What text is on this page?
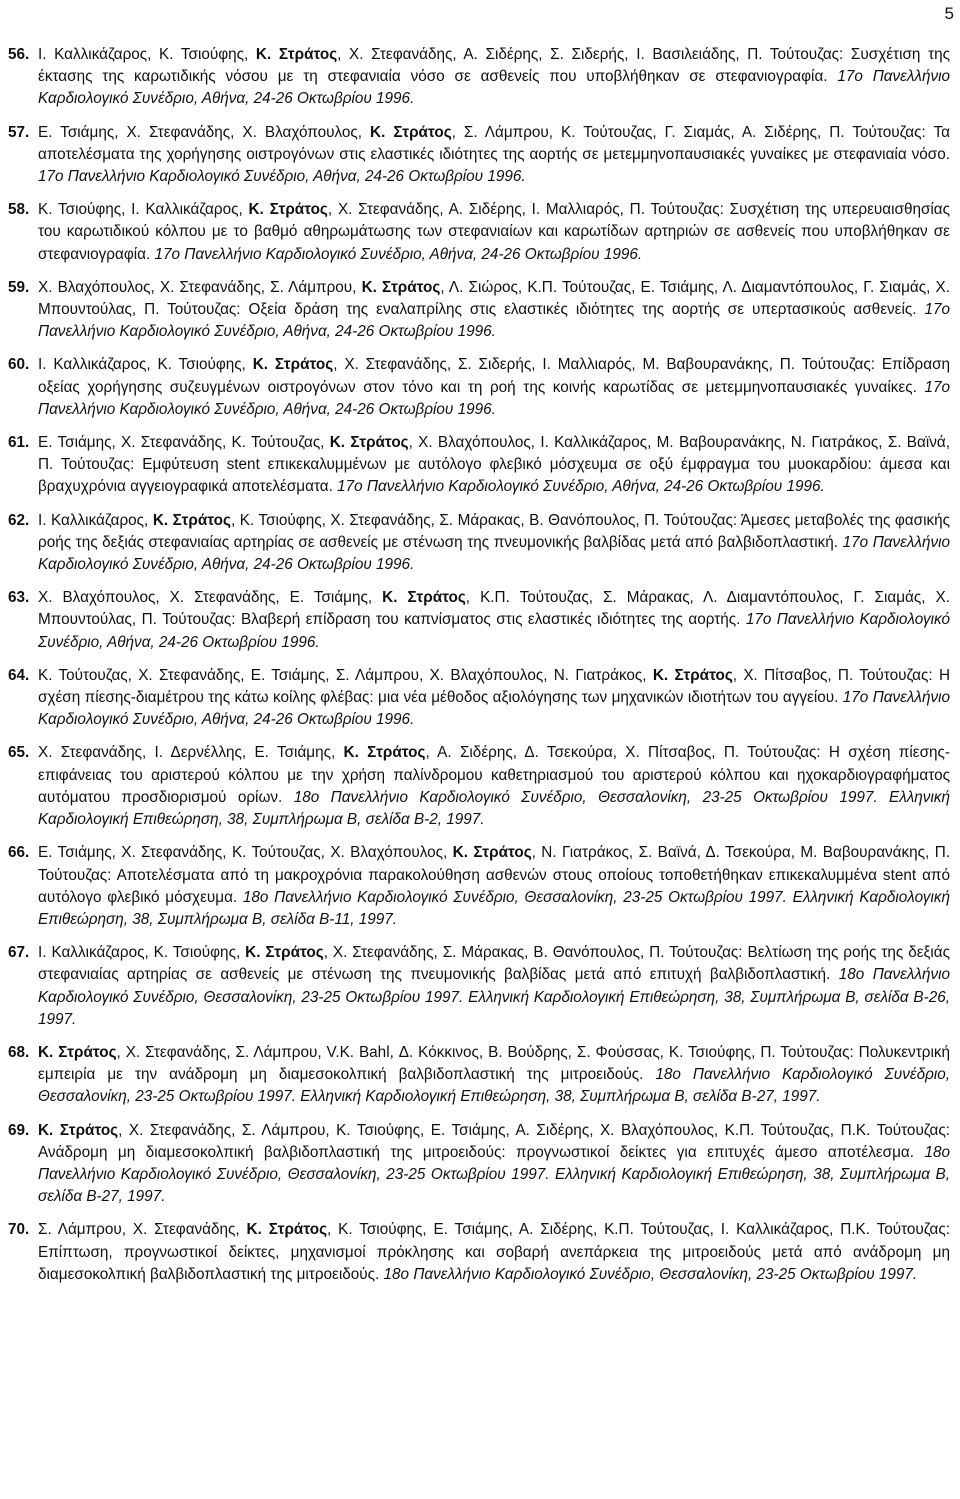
5
56. Ι. Καλλικάζαρος, Κ. Τσιούφης, Κ. Στράτος, Χ. Στεφανάδης, Α. Σιδέρης, Σ. Σιδερής, Ι. Βασιλειάδης, Π. Τούτουζας: Συσχέτιση της έκτασης της καρωτιδικής νόσου με τη στεφανιαία νόσο σε ασθενείς που υποβλήθηκαν σε στεφανιογραφία. 17ο Πανελλήνιο Καρδιολογικό Συνέδριο, Αθήνα, 24-26 Οκτωβρίου 1996.
57. Ε. Τσιάμης, Χ. Στεφανάδης, Χ. Βλαχόπουλος, Κ. Στράτος, Σ. Λάμπρου, Κ. Τούτουζας, Γ. Σιαμάς, Α. Σιδέρης, Π. Τούτουζας: Τα αποτελέσματα της χορήγησης οιστρογόνων στις ελαστικές ιδιότητες της αορτής σε μετεμμηνοπαυσιακές γυναίκες με στεφανιαία νόσο. 17ο Πανελλήνιο Καρδιολογικό Συνέδριο, Αθήνα, 24-26 Οκτωβρίου 1996.
58. Κ. Τσιούφης, Ι. Καλλικάζαρος, Κ. Στράτος, Χ. Στεφανάδης, Α. Σιδέρης, Ι. Μαλλιαρός, Π. Τούτουζας: Συσχέτιση της υπερευαισθησίας του καρωτιδικού κόλπου με το βαθμό αθηρωμάτωσης των στεφανιαίων και καρωτίδων αρτηριών σε ασθενείς που υποβλήθηκαν σε στεφανιογραφία. 17ο Πανελλήνιο Καρδιολογικό Συνέδριο, Αθήνα, 24-26 Οκτωβρίου 1996.
59. Χ. Βλαχόπουλος, Χ. Στεφανάδης, Σ. Λάμπρου, Κ. Στράτος, Λ. Σιώρος, Κ.Π. Τούτουζας, Ε. Τσιάμης, Λ. Διαμαντόπουλος, Γ. Σιαμάς, Χ. Μπουντούλας, Π. Τούτουζας: Οξεία δράση της εναλαπρίλης στις ελαστικές ιδιότητες της αορτής σε υπερτασικούς ασθενείς. 17ο Πανελλήνιο Καρδιολογικό Συνέδριο, Αθήνα, 24-26 Οκτωβρίου 1996.
60. Ι. Καλλικάζαρος, Κ. Τσιούφης, Κ. Στράτος, Χ. Στεφανάδης, Σ. Σιδερής, Ι. Μαλλιαρός, Μ. Βαβουρανάκης, Π. Τούτουζας: Επίδραση οξείας χορήγησης συζευγμένων οιστρογόνων στον τόνο και τη ροή της κοινής καρωτίδας σε μετεμμηνοπαυσιακές γυναίκες. 17ο Πανελλήνιο Καρδιολογικό Συνέδριο, Αθήνα, 24-26 Οκτωβρίου 1996.
61. Ε. Τσιάμης, Χ. Στεφανάδης, Κ. Τούτουζας, Κ. Στράτος, Χ. Βλαχόπουλος, Ι. Καλλικάζαρος, Μ. Βαβουρανάκης, Ν. Γιατράκος, Σ. Βαϊνά, Π. Τούτουζας: Εμφύτευση stent επικεκαλυμμένων με αυτόλογο φλεβικό μόσχευμα σε οξύ έμφραγμα του μυοκαρδίου: άμεσα και βραχυχρόνια αγγειογραφικά αποτελέσματα. 17ο Πανελλήνιο Καρδιολογικό Συνέδριο, Αθήνα, 24-26 Οκτωβρίου 1996.
62. Ι. Καλλικάζαρος, Κ. Στράτος, Κ. Τσιούφης, Χ. Στεφανάδης, Σ. Μάρακας, Β. Θανόπουλος, Π. Τούτουζας: Άμεσες μεταβολές της φασικής ροής της δεξιάς στεφανιαίας αρτηρίας σε ασθενείς με στένωση της πνευμονικής βαλβίδας μετά από βαλβιδοπλαστική. 17ο Πανελλήνιο Καρδιολογικό Συνέδριο, Αθήνα, 24-26 Οκτωβρίου 1996.
63. Χ. Βλαχόπουλος, Χ. Στεφανάδης, Ε. Τσιάμης, Κ. Στράτος, Κ.Π. Τούτουζας, Σ. Μάρακας, Λ. Διαμαντόπουλος, Γ. Σιαμάς, Χ. Μπουντούλας, Π. Τούτουζας: Βλαβερή επίδραση του καπνίσματος στις ελαστικές ιδιότητες της αορτής. 17ο Πανελλήνιο Καρδιολογικό Συνέδριο, Αθήνα, 24-26 Οκτωβρίου 1996.
64. Κ. Τούτουζας, Χ. Στεφανάδης, Ε. Τσιάμης, Σ. Λάμπρου, Χ. Βλαχόπουλος, Ν. Γιατράκος, Κ. Στράτος, Χ. Πίτσαβος, Π. Τούτουζας: Η σχέση πίεσης-διαμέτρου της κάτω κοίλης φλέβας: μια νέα μέθοδος αξιολόγησης των μηχανικών ιδιοτήτων του αγγείου. 17ο Πανελλήνιο Καρδιολογικό Συνέδριο, Αθήνα, 24-26 Οκτωβρίου 1996.
65. Χ. Στεφανάδης, Ι. Δερνέλλης, Ε. Τσιάμης, Κ. Στράτος, Α. Σιδέρης, Δ. Τσεκούρα, Χ. Πίτσαβος, Π. Τούτουζας: Η σχέση πίεσης-επιφάνειας του αριστερού κόλπου με την χρήση παλίνδρομου καθετηριασμού του αριστερού κόλπου και ηχοκαρδιογραφήματος αυτόματου προσδιορισμού ορίων. 18ο Πανελλήνιο Καρδιολογικό Συνέδριο, Θεσσαλονίκη, 23-25 Οκτωβρίου 1997. Ελληνική Καρδιολογική Επιθεώρηση, 38, Συμπλήρωμα Β, σελίδα Β-2, 1997.
66. Ε. Τσιάμης, Χ. Στεφανάδης, Κ. Τούτουζας, Χ. Βλαχόπουλος, Κ. Στράτος, Ν. Γιατράκος, Σ. Βαϊνά, Δ. Τσεκούρα, Μ. Βαβουρανάκης, Π. Τούτουζας: Αποτελέσματα από τη μακροχρόνια παρακολούθηση ασθενών στους οποίους τοποθετήθηκαν επικεκαλυμμένα stent από αυτόλογο φλεβικό μόσχευμα. 18ο Πανελλήνιο Καρδιολογικό Συνέδριο, Θεσσαλονίκη, 23-25 Οκτωβρίου 1997. Ελληνική Καρδιολογική Επιθεώρηση, 38, Συμπλήρωμα Β, σελίδα Β-11, 1997.
67. Ι. Καλλικάζαρος, Κ. Τσιούφης, Κ. Στράτος, Χ. Στεφανάδης, Σ. Μάρακας, Β. Θανόπουλος, Π. Τούτουζας: Βελτίωση της ροής της δεξιάς στεφανιαίας αρτηρίας σε ασθενείς με στένωση της πνευμονικής βαλβίδας μετά από επιτυχή βαλβιδοπλαστική. 18ο Πανελλήνιο Καρδιολογικό Συνέδριο, Θεσσαλονίκη, 23-25 Οκτωβρίου 1997. Ελληνική Καρδιολογική Επιθεώρηση, 38, Συμπλήρωμα Β, σελίδα Β-26, 1997.
68. Κ. Στράτος, Χ. Στεφανάδης, Σ. Λάμπρου, V.K. Bahl, Δ. Κόκκινος, Β. Βούδρης, Σ. Φούσσας, Κ. Τσιούφης, Π. Τούτουζας: Πολυκεντρική εμπειρία με την ανάδρομη μη διαμεσοκολπική βαλβιδοπλαστική της μιτροειδούς. 18ο Πανελλήνιο Καρδιολογικό Συνέδριο, Θεσσαλονίκη, 23-25 Οκτωβρίου 1997. Ελληνική Καρδιολογική Επιθεώρηση, 38, Συμπλήρωμα Β, σελίδα Β-27, 1997.
69. Κ. Στράτος, Χ. Στεφανάδης, Σ. Λάμπρου, Κ. Τσιούφης, Ε. Τσιάμης, Α. Σιδέρης, Χ. Βλαχόπουλος, Κ.Π. Τούτουζας, Π.Κ. Τούτουζας: Ανάδρομη μη διαμεσοκολπική βαλβιδοπλαστική της μιτροειδούς: προγνωστικοί δείκτες για επιτυχές άμεσο αποτέλεσμα. 18ο Πανελλήνιο Καρδιολογικό Συνέδριο, Θεσσαλονίκη, 23-25 Οκτωβρίου 1997. Ελληνική Καρδιολογική Επιθεώρηση, 38, Συμπλήρωμα Β, σελίδα Β-27, 1997.
70. Σ. Λάμπρου, Χ. Στεφανάδης, Κ. Στράτος, Κ. Τσιούφης, Ε. Τσιάμης, Α. Σιδέρης, Κ.Π. Τούτουζας, Ι. Καλλικάζαρος, Π.Κ. Τούτουζας: Επίπτωση, προγνωστικοί δείκτες, μηχανισμοί πρόκλησης και σοβαρή ανεπάρκεια της μιτροειδούς μετά από ανάδρομη μη διαμεσοκολπική βαλβιδοπλαστική της μιτροειδούς. 18ο Πανελλήνιο Καρδιολογικό Συνέδριο, Θεσσαλονίκη, 23-25 Οκτωβρίου 1997.
